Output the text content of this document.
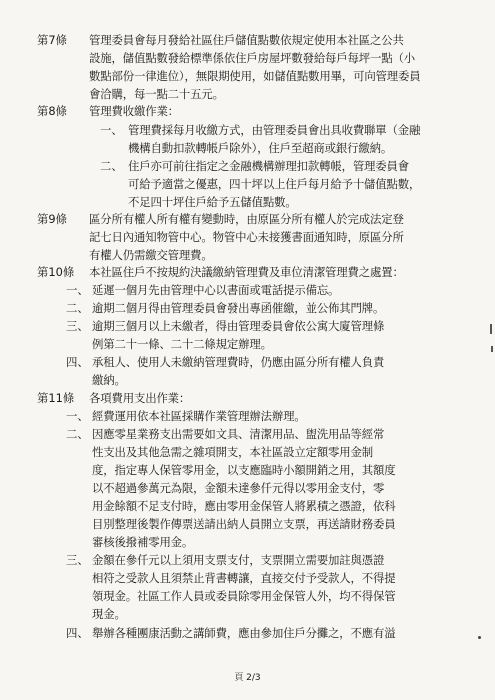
第7條 管理委員會每月發給社區住戶儲值點數依規定使用本社區之公共
設施，儲值點數發給標準係依住戶房屋坪數發給每戶每坪一點（小
數點部份一律進位），無限期使用，如儲值點數用畢，可向管理委員
會洽購，每一點二十五元。
第8條 管理費收繳作業：
一、 管理費採每月收繳方式，由管理委員會出具收費聯單（金融
機構自動扣款轉帳戶除外），住戶至超商或銀行繳納。
二、 住戶亦可前往指定之金融機構辦理扣款轉帳，管理委員會
可給予適當之優惠，四十坪以上住戶每月給予十儲值點數，
不足四十坪住戶給予五儲值點數。
第9條 區分所有權人所有權有變動時，由原區分所有權人於完成法定登
記七日內通知物管中心。物管中心未接獲書面通知時，原區分所
有權人仍需繳交管理費。
第10條 本社區住戶不按規約決議繳納管理費及車位清潔管理費之處置：
一、 延遲一個月先由管理中心以書面或電話提示備忘。
二、 逾期二個月得由管理委員會發出專函催繳，並公佈其門牌。
三、 逾期三個月以上未繳者，得由管理委員會依公寓大廈管理條
例第二十一條、二十二條規定辦理。
四、 承租人、使用人未繳納管理費時，仍應由區分所有權人負責
繳納。
第11條 各項費用支出作業：
一、 經費運用依本社區採購作業管理辦法辦理。
二、 因應零星業務支出需要如文具、清潔用品、盥洗用品等經常
性支出及其他急需之雜項開支，本社區設立定額零用金制
度，指定專人保管零用金，以支應臨時小額開銷之用，其額度
以不超過參萬元為限，金額未達參仟元得以零用金支付，零
用金餘額不足支付時，應由零用金保管人將累積之憑證，依科
目別整理後製作傳票送請出納人員開立支票，再送請財務委員
審核後撥補零用金。
三、 金額在參仟元以上須用支票支付，支票開立需要加註與憑證
相符之受款人且須禁止背書轉讓，直接交付予受款人，不得提
領現金。社區工作人員或委員除零用金保管人外，均不得保管
現金。
四、 舉辦各種團康活動之講師費，應由參加住戶分攤之，不應有溢
頁 2/3
